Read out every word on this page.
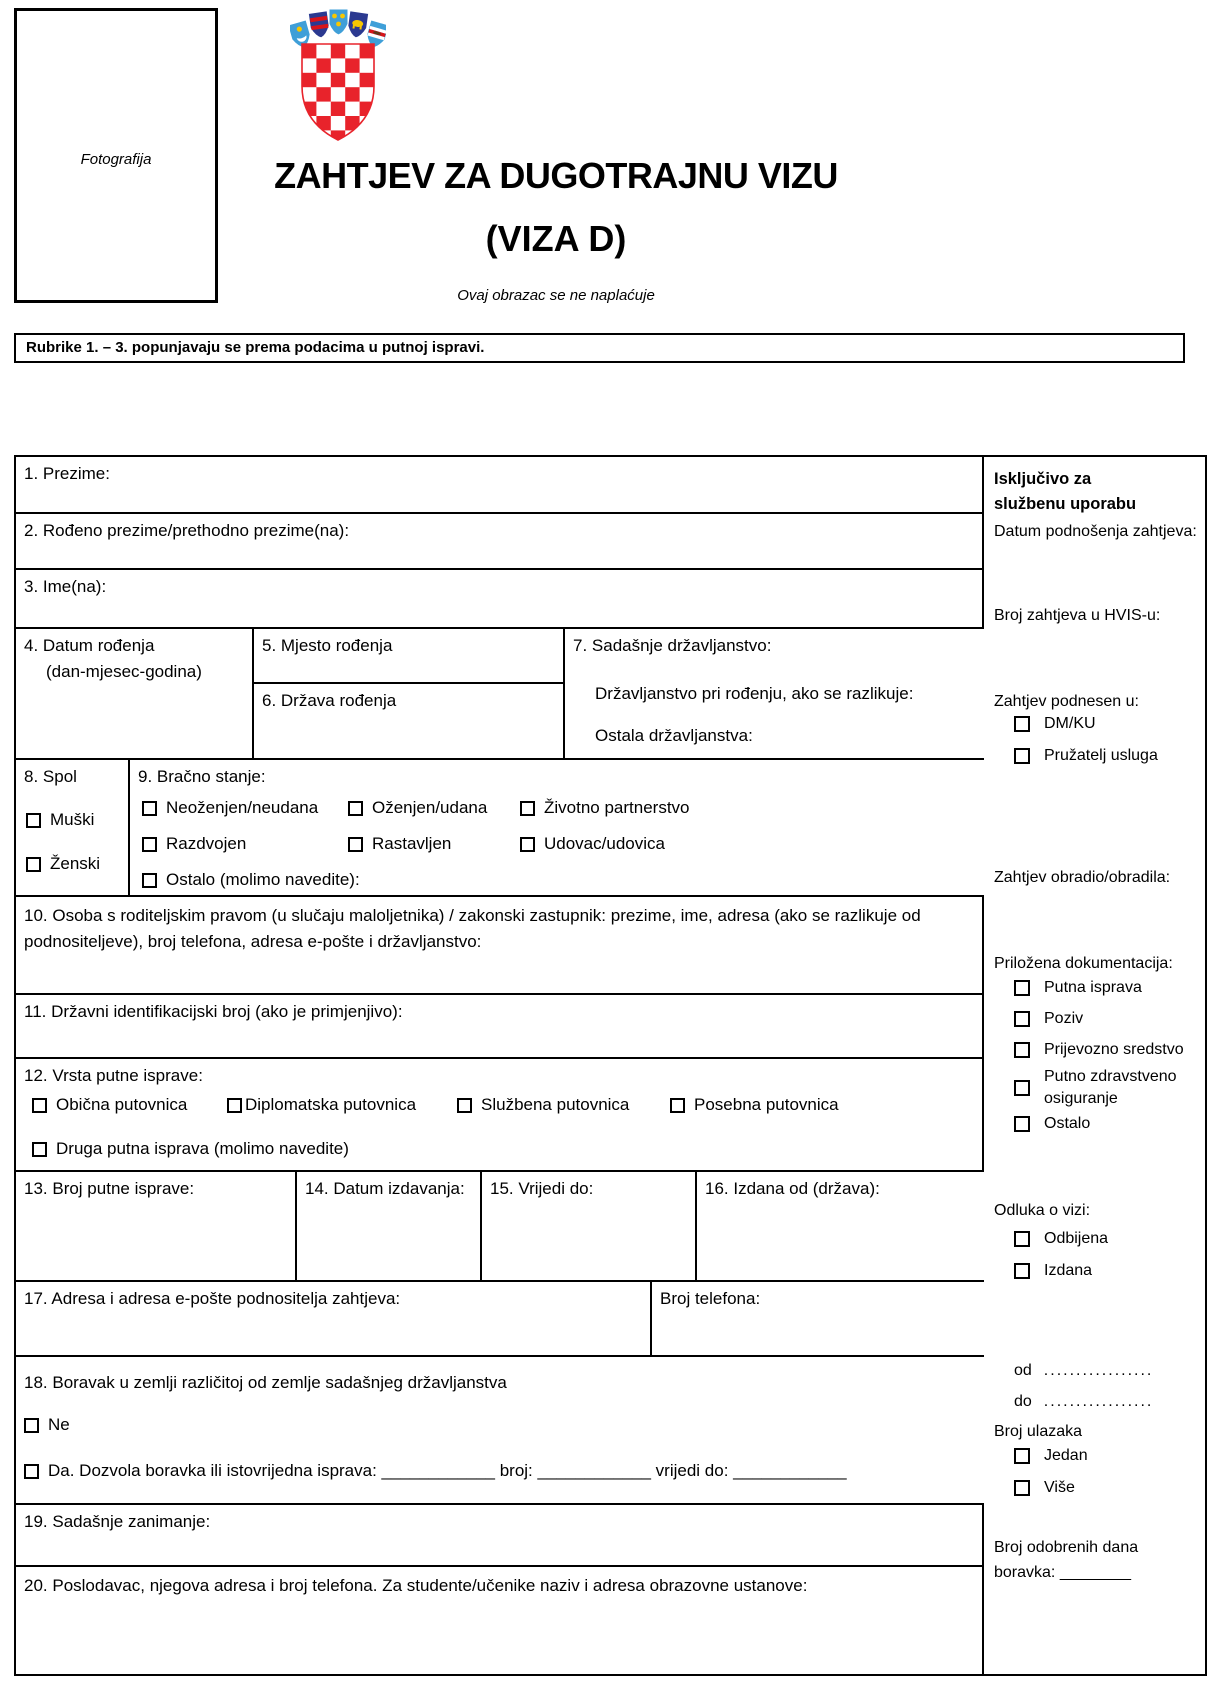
Fotografija	ZAHTJEV ZA DUGOTRAJNU VIZU
(VIZA D)
Ovaj obrazac se ne naplaćuje
Rubrike 1. – 3. popunjavaju se prema podacima u putnoj ispravi.
1. Prezime:
2. Rođeno prezime/prethodno prezime(na):
3. Ime(na):
4. Datum rođenja
(dan-mjesec-godina)
5. Mjesto rođenja
6. Država rođenja
7. Sadašnje državljanstvo:
Državljanstvo pri rođenju, ako se razlikuje:
Ostala državljanstva:
8. Spol
Muški
Ženski
9. Bračno stanje:
Neoženjen/neudana	Oženjen/udana	Životno partnerstvo
Razdvojen	Rastavljen	Udovac/udovica
Ostalo (molimo navedite):
10. Osoba s roditeljskim pravom (u slučaju maloljetnika) / zakonski zastupnik: prezime, ime, adresa (ako se razlikuje od podnositeljeve), broj telefona, adresa e-pošte i državljanstvo:
11. Državni identifikacijski broj (ako je primjenjivo):
12. Vrsta putne isprave:
Obična putovnica	Diplomatska putovnica	Službena putovnica	Posebna putovnica
Druga putna isprava (molimo navedite)
13. Broj putne isprave:	14. Datum izdavanja: 15. Vrijedi do:	16. Izdana od (država):
17. Adresa i adresa e-pošte podnositelja zahtjeva:	Broj telefona:
18. Boravak u zemlji različitoj od zemlje sadašnjeg državljanstva
Ne
Da. Dozvola boravka ili istovrijedna isprava: ____________ broj: ____________ vrijedi do: ____________
19. Sadašnje zanimanje:
20. Poslodavac, njegova adresa i broj telefona. Za studente/učenike naziv i adresa obrazovne ustanove:
Isključivo za službenu uporabu
Datum podnošenja zahtjeva:
Broj zahtjeva u HVIS-u:
Zahtjev podnesen u:
DM/KU
Pružatelj usluga
Zahtjev obradio/obradila:
Priložena dokumentacija:
Putna isprava
Poziv
Prijevozno sredstvo
Putno zdravstveno osiguranje
Ostalo
Odluka o vizi:
Odbijena
Izdana
od .................
do .................
Broj ulazaka
Jedan
Više
Broj odobrenih dana boravka: ________
